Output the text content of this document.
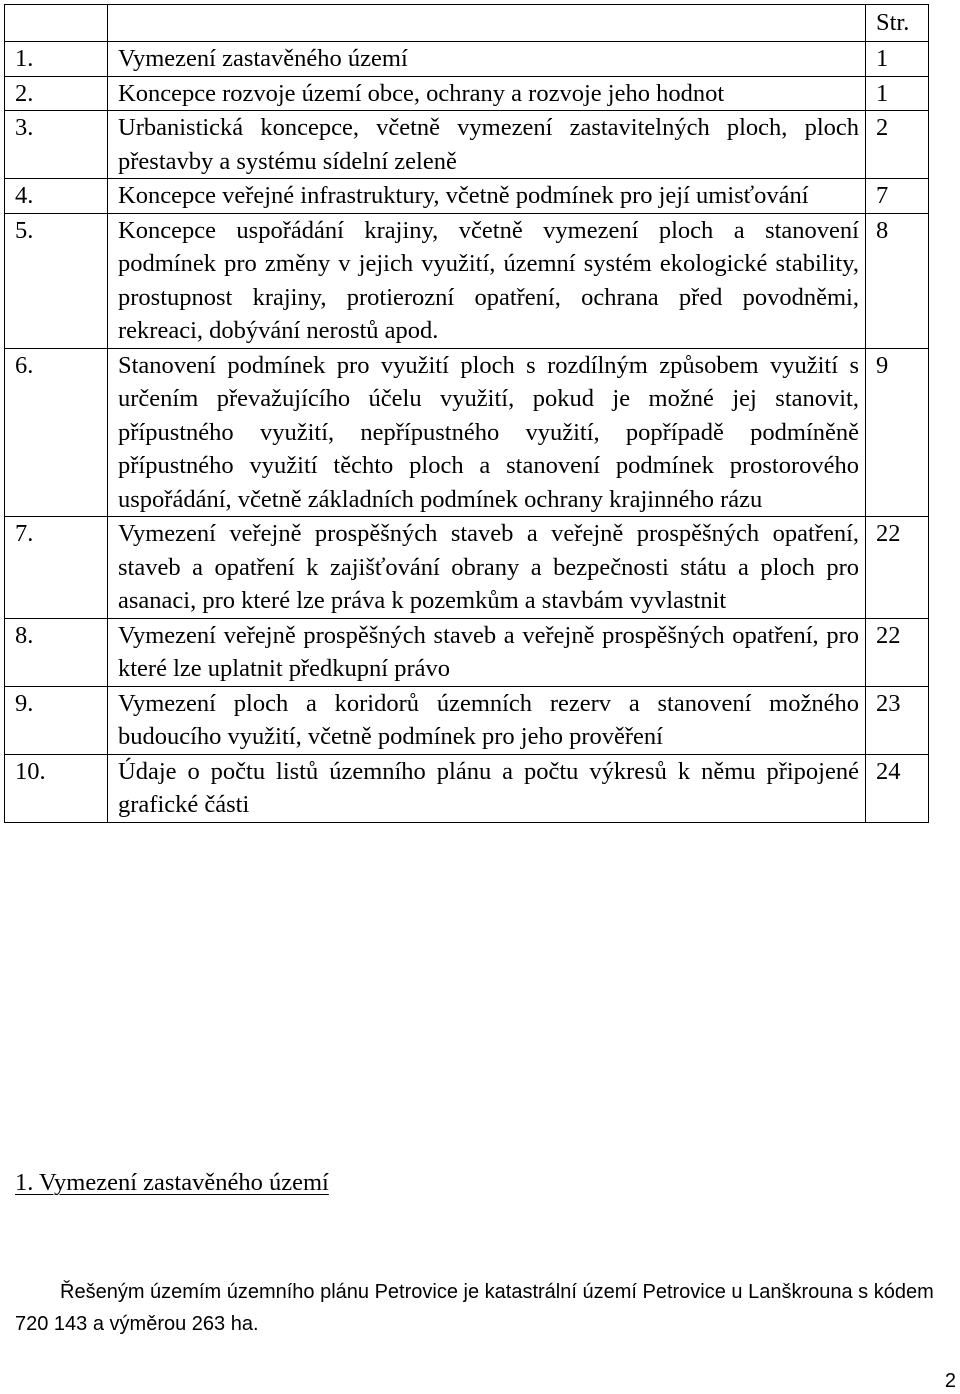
		Str.
1.	Vymezení zastavěného území	1
2.	Koncepce rozvoje území obce, ochrany a rozvoje jeho hodnot	1
3.	Urbanistická koncepce, včetně vymezení zastavitelných ploch, ploch přestavby a systému sídelní zeleně	2
4.	Koncepce veřejné infrastruktury, včetně podmínek pro její umisťování	7
5.	Koncepce uspořádání krajiny, včetně vymezení ploch a stanovení podmínek pro změny v jejich využití, územní systém ekologické stability, prostupnost krajiny, protierozní opatření, ochrana před povodněmi, rekreaci, dobývání nerostů apod.	8
6.	Stanovení podmínek pro využití ploch s rozdílným způsobem využití s určením převažujícího účelu využití, pokud je možné jej stanovit, přípustného využití, nepřípustného využití, popřípadě podmíněně přípustného využití těchto ploch a stanovení podmínek prostorového uspořádání, včetně základních podmínek ochrany krajinného rázu	9
7.	Vymezení veřejně prospěšných staveb a veřejně prospěšných opatření, staveb a opatření k zajišťování obrany a bezpečnosti státu a ploch pro asanaci, pro které lze práva k pozemkům a stavbám vyvlastnit	22
8.	Vymezení veřejně prospěšných staveb a veřejně prospěšných opatření, pro které lze uplatnit předkupní právo	22
9.	Vymezení ploch a koridorů územních rezerv a stanovení možného budoucího využití, včetně podmínek pro jeho prověření	23
10.	Údaje o počtu listů územního plánu a počtu výkresů k němu připojené grafické části	24
1. Vymezení zastavěného území

Řešeným územím územního plánu Petrovice je katastrální území Petrovice u Lanškrouna s kódem 720 143 a výměrou 263 ha.

2
